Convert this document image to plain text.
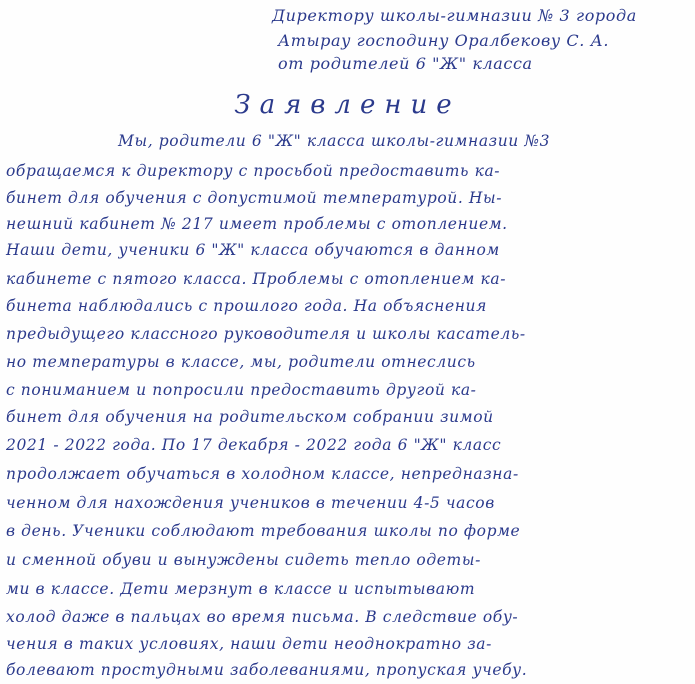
Директору школы-гимназии № 3 города
Атырау господину Оралбекову С. А.
от родителей 6 "Ж" класса
Заявление
Мы, родители 6 "Ж" класса школы-гимназии №3
обращаемся к директору с просьбой предоставить ка-
бинет для обучения с допустимой температурой. Ны-
нешний кабинет № 217 имеет проблемы с отоплением.
Наши дети, ученики 6 "Ж" класса обучаются в данном
кабинете с пятого класса. Проблемы с отоплением ка-
бинета наблюдались с прошлого года. На объяснения
предыдущего классного руководителя и школы касатель-
но температуры в классе, мы, родители отнеслись
с пониманием и попросили предоставить другой ка-
бинет для обучения на родительском собрании зимой
2021 - 2022 года. По 17 декабря - 2022 года 6 "Ж" класс
продолжает обучаться в холодном классе, непредназна-
ченном для нахождения учеников в течении 4-5 часов
в день. Ученики соблюдают требования школы по форме
и сменной обуви и вынуждены сидеть тепло одеты-
ми в классе. Дети мерзнут в классе и испытывают
холод даже в пальцах во время письма. В следствие обу-
чения в таких условиях, наши дети неоднократно за-
болевают простудными заболеваниями, пропуская учебу.
